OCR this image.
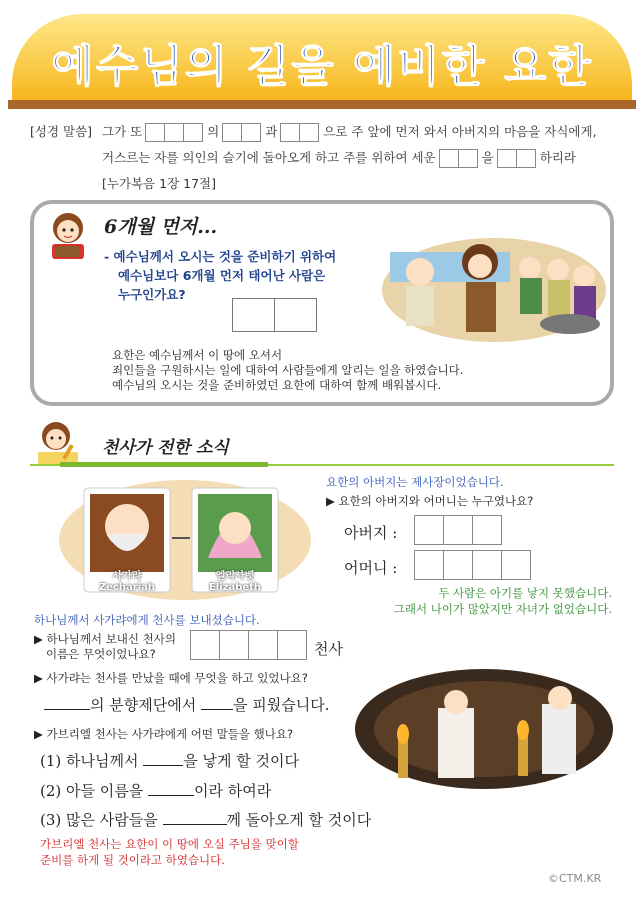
예수님의 길을 예비한 요한
[성경 말씀] 그가 또	의	과	으로 주 앞에 먼저 와서 아버지의 마음을 자식에게,
거스르는 자를 의인의 슬기에 돌아오게 하고 주를 위하여 세운	을	하리라
[누가복음 1장 17절]
6개월 먼저...
- 예수님께서 오시는 것을 준비하기 위하여
예수님보다 6개월 먼저 태어난 사람은
누구인가요?
요한은 예수님께서 이 땅에 오셔서
죄인들을 구원하시는 일에 대하여 사람들에게 알리는 일을 하였습니다.
예수님의 오시는 것을 준비하였던 요한에 대하여 함께 배워봅시다.
천사가 전한 소식
사가랴
Zechariah
엘리사벳
Elizabeth
요한의 아버지는 제사장이었습니다.
▶ 요한의 아버지와 어머니는 누구였나요?
아버지 :
어머니 :
두 사람은 아기를 낳지 못했습니다.
그래서 나이가 많았지만 자녀가 없었습니다.
하나님께서 사가랴에게 천사를 보내셨습니다.
▶ 하나님께서 보내신 천사의
이름은 무엇이었나요?	천사
▶ 사가랴는 천사를 만났을 때에 무엇을 하고 있었나요?
의 분향제단에서 을 피웠습니다.
▶ 가브리엘 천사는 사가랴에게 어떤 말들을 했나요?
(1) 하나님께서	을 낳게 할 것이다
(2) 아들 이름을	이라 하여라
(3) 많은 사람들을	께 돌아오게 할 것이다
가브리엘 천사는 요한이 이 땅에 오실 주님을 맞이할
준비를 하게 될 것이라고 하였습니다.
©CTM.KR
